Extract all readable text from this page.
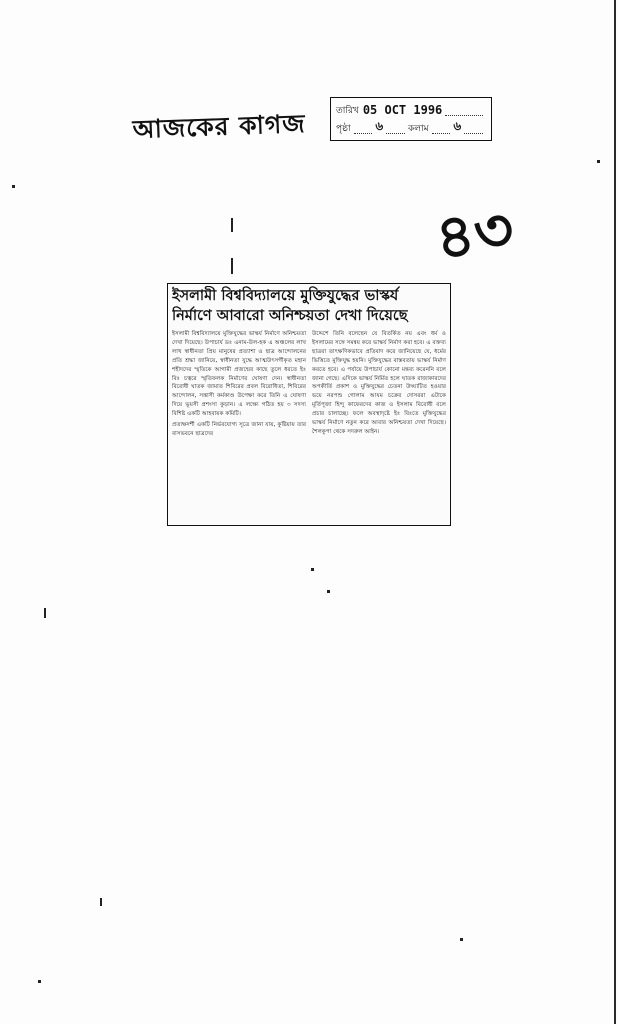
আজকের কাগজ	তারিখ 05 OCT 1996
পৃষ্ঠা ৬	কলাম ৬
৪৩
ইসলামী বিশ্ববিদ্যালয়ে মুক্তিযুদ্ধের ভাস্কর্য
নির্মাণে আবারো অনিশ্চয়তা দেখা দিয়েছে

ইসলামী বিশ্ববিদ্যালয়ে মুক্তিযুদ্ধের ভাস্কর্য নির্মাণে অনিশ্চয়তা দেখা দিয়েছে। উপাচার্য ডঃ এনাম-উল-হক এ অঞ্চলের লাখ লাখ স্বাধীনতা প্রিয় মানুষের প্রত্যাশা ও ছাত্র আন্দোলনের প্রতি শ্রদ্ধা জানিয়ে, স্বাধীনতা যুদ্ধে আত্মউৎসর্গীকৃত মহান শহীদদের স্মৃতিকে আগামী প্রজন্মের কাছে তুলে ধরতে ইঃ বিঃ চত্বরে স্মৃতিফলক নির্মাণের ঘোষণা দেন। স্বাধীনতা বিরোধী ঘাতক জামাত শিবিরের প্রবল বিরোধিতা, শিবিরের আন্দোলন, সন্ত্রাসী কর্মকাণ্ড উপেক্ষা করে তিনি এ ঘোষণা দিয়ে ভূয়সী প্রশংসা কুড়ান। এ লক্ষ্যে গঠিত হয় ৩ সদস্য বিশিষ্ট একটি আহবায়ক কমিটি।

প্রত্যক্ষদর্শী একটি নির্ভরযোগ্য সূত্রে জানা যায়, কুষ্টিয়ায় তার বাসভবনে ছাত্রদের

উদ্দেশে তিনি বলেছেন যে বিতর্কিত নয় এবং ধর্ম ও ইসলামের সঙ্গে সমন্বয় করে ভাস্কর্য নির্মাণ করা হবে। এ বক্তব্য ছাত্ররা তাৎক্ষণিকভাবে প্রতিবাদ করে জানিয়েছে যে, ধর্মের ভিত্তিতে মুক্তিযুদ্ধ হয়নি। মুক্তিযুদ্ধের বাস্তবতায় ভাস্কর্য নির্মাণ করতে হবে। এ পর্যায়ে উপাচার্য কোনো মন্তব্য করেননি বলে জানা গেছে। এদিকে ভাস্কর্য নির্মিত হলে ঘাতক রাজাকারদের অপকীর্তি প্রকাশ ও মুক্তিযুদ্ধের চেতনা উদ্ঘাটিত হওয়ার ভয়ে নরপশু গোলাম আযম চক্রের দোসররা এটাকে মূর্তিপূজা হিন্দু কাফেরদের কাজ ও ইসলাম বিরোধী বলে প্রচার চালাচ্ছে। ফলে অবস্থাদৃষ্টে ইঃ বিঃতে মুক্তিযুদ্ধের ভাস্কর্য নির্মাণে নতুন করে আবার অনিশ্চয়তা দেখা দিয়েছে। শৈলকুপা থেকে সদরুল আইন।
